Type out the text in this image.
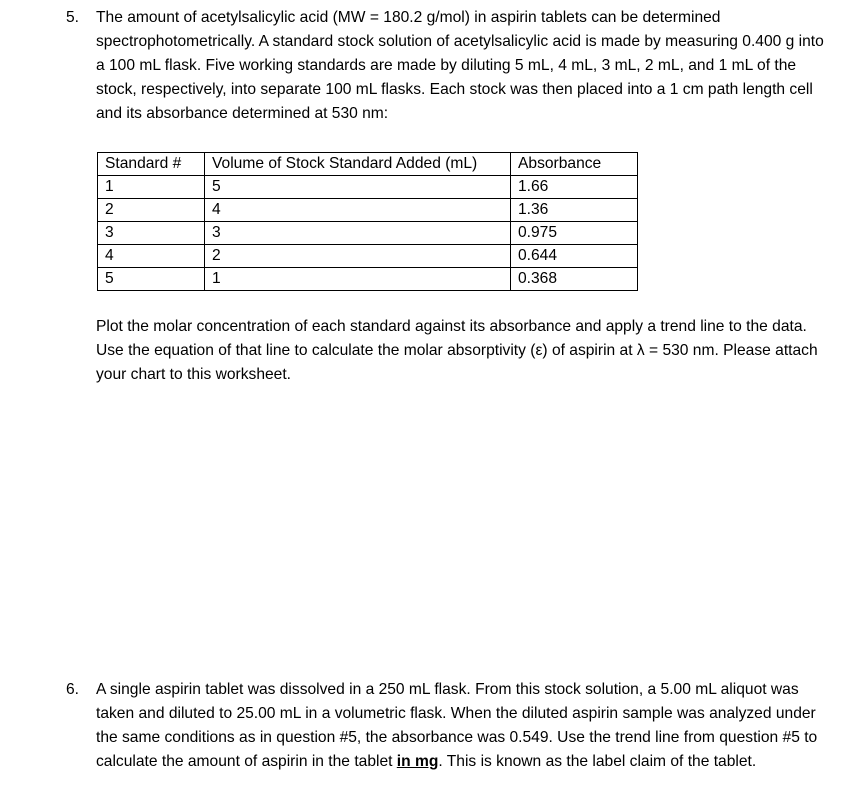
5. The amount of acetylsalicylic acid (MW = 180.2 g/mol) in aspirin tablets can be determined spectrophotometrically. A standard stock solution of acetylsalicylic acid is made by measuring 0.400 g into a 100 mL flask. Five working standards are made by diluting 5 mL, 4 mL, 3 mL, 2 mL, and 1 mL of the stock, respectively, into separate 100 mL flasks. Each stock was then placed into a 1 cm path length cell and its absorbance determined at 530 nm:
Standard #	Volume of Stock Standard Added (mL)	Absorbance
1	5	1.66
2	4	1.36
3	3	0.975
4	2	0.644
5	1	0.368
Plot the molar concentration of each standard against its absorbance and apply a trend line to the data. Use the equation of that line to calculate the molar absorptivity (ε) of aspirin at λ = 530 nm. Please attach your chart to this worksheet.
6. A single aspirin tablet was dissolved in a 250 mL flask. From this stock solution, a 5.00 mL aliquot was taken and diluted to 25.00 mL in a volumetric flask. When the diluted aspirin sample was analyzed under the same conditions as in question #5, the absorbance was 0.549. Use the trend line from question #5 to calculate the amount of aspirin in the tablet in mg. This is known as the label claim of the tablet.
